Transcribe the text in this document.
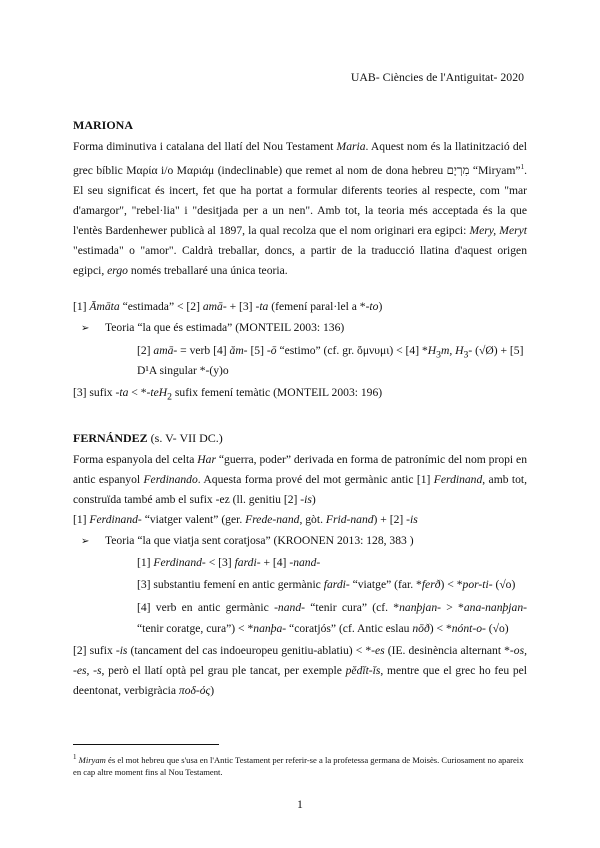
UAB- Ciències de l'Antiguitat- 2020
MARIONA
Forma diminutiva i catalana del llatí del Nou Testament Maria. Aquest nom és la llatinització del grec bíblic Μαρία i/o Μαριάμ (indeclinable) que remet al nom de dona hebreu מִרְיָם “Miryam”$^1$. El seu significat és incert, fet que ha portat a formular diferents teories al respecte, com "mar d'amargor", "rebel·lia" i "desitjada per a un nen". Amb tot, la teoria més acceptada és la que l'entès Bardenhewer publicà al 1897, la qual recolza que el nom originari era egipci: Mery, Meryt "estimada" o "amor". Caldrà treballar, doncs, a partir de la traducció llatina d'aquest origen egipci, ergo només treballaré una única teoria.
[1] Āmāta “estimada” < [2] amā- + [3] -ta (femení paral·lel a *-to)
➢ Teoria “la que és estimada” (MONTEIL 2003: 136)
[2] amā- = verb [4] ăm- [5] -ō “estimo” (cf. gr. ὄμνυμι) < [4] $*H_3m$, $H_3-$ (√Ø) + [5]
D¹A singular *-(y)o
[3] sufix -ta < *-teH$_2$ sufix femení temàtic (MONTEIL 2003: 196)
FERNÁNDEZ (s. V- VII DC.)
Forma espanyola del celta Har “guerra, poder” derivada en forma de patronímic del nom propi en antic espanyol Ferdinando. Aquesta forma prové del mot germànic antic [1] Ferdinand, amb tot, construïda també amb el sufix -ez (ll. genitiu [2] -is)
[1] Ferdinand- “viatger valent” (ger. Frede-nand, gòt. Frid-nand) + [2] -is
➢ Teoria “la que viatja sent coratjosa” (KROONEN 2013: 128, 383 )
[1] Ferdinand- < [3] fardi- + [4] -nand-
[3] substantiu femení en antic germànic fardi- “viatge” (far. *ferð) < *por-ti- (√o)
[4] verb en antic germànic -nand- “tenir cura” (cf. *nanþjan- > *ana-nanþjan- “tenir coratge, cura”) < *nanþa- “coratjós” (cf. Antic eslau nōð) < *nónt-o- (√o)
[2] sufix -is (tancament del cas indoeuropeu genitiu-ablatiu) < *-es (IE. desinència alternant *-os, -es, -s, però el llatí optà pel grau ple tancat, per exemple pĕdĭt-ĭs, mentre que el grec ho feu pel deentonat, verbigràcia ποδ-ός)
$^1$ Miryam és el mot hebreu que s'usa en l'Antic Testament per referir-se a la profetessa germana de Moisès. Curiosament no apareix en cap altre moment fins al Nou Testament.
1
